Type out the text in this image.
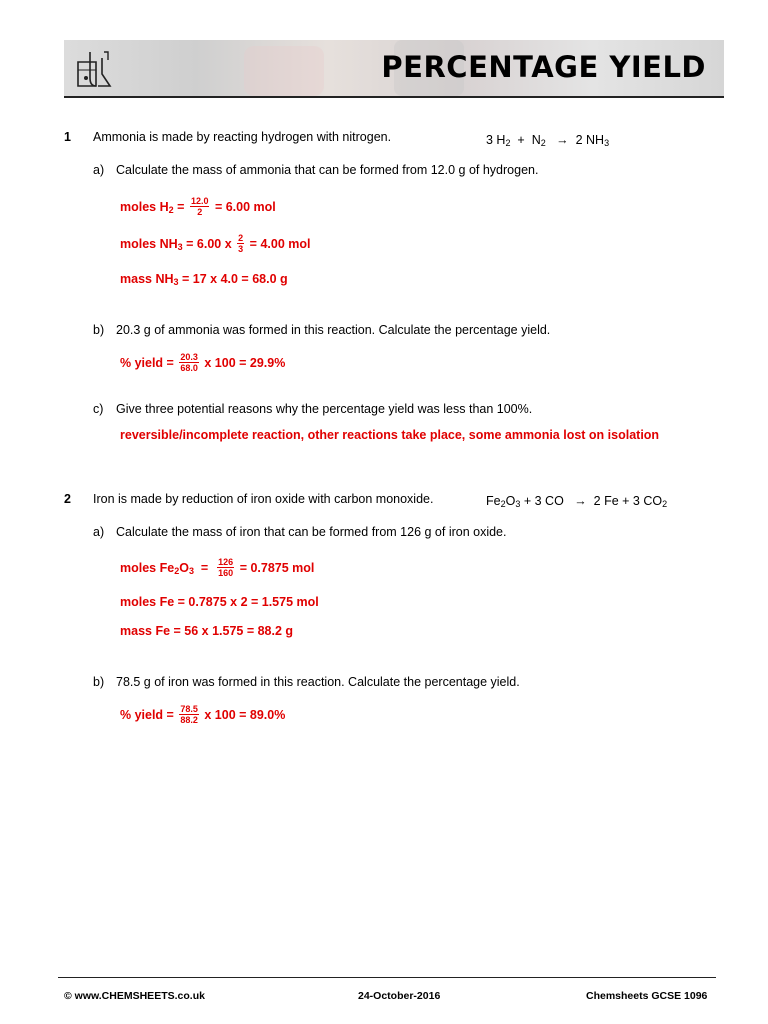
PERCENTAGE YIELD
1 Ammonia is made by reacting hydrogen with nitrogen.	3 $H_2 + N_2 \to 2$ $NH_3$
a) Calculate the mass of ammonia that can be formed from 12.0 g of hydrogen.
moles $H_2 = \frac{12.0}{2} = 6.00$ mol
moles $NH_3 = 6.00$ x $\frac{2}{3} = 4.00$ mol
mass $NH_3 = 17$ x 4.0 = 68.0 g
b) 20.3 g of ammonia was formed in this reaction. Calculate the percentage yield.
% yield = $\frac{20.3}{68.0}$ x 100 = 29.9%
c) Give three potential reasons why the percentage yield was less than 100%.
reversible/incomplete reaction, other reactions take place, some ammonia lost on isolation
2 Iron is made by reduction of iron oxide with carbon monoxide.	$Fe_2O_3 + 3$ CO → 2 Fe + 3 $CO_2$
a) Calculate the mass of iron that can be formed from 126 g of iron oxide.
moles $Fe_2O_3 = \frac{126}{160} = 0.7875$ mol
moles Fe = 0.7875 x 2 = 1.575 mol
mass Fe = 56 x 1.575 = 88.2 g
b) 78.5 g of iron was formed in this reaction. Calculate the percentage yield.
% yield = $\frac{78.5}{88.2}$ x 100 = 89.0%
© www.CHEMSHEETS.co.uk	24-October-2016	Chemsheets GCSE 1096
